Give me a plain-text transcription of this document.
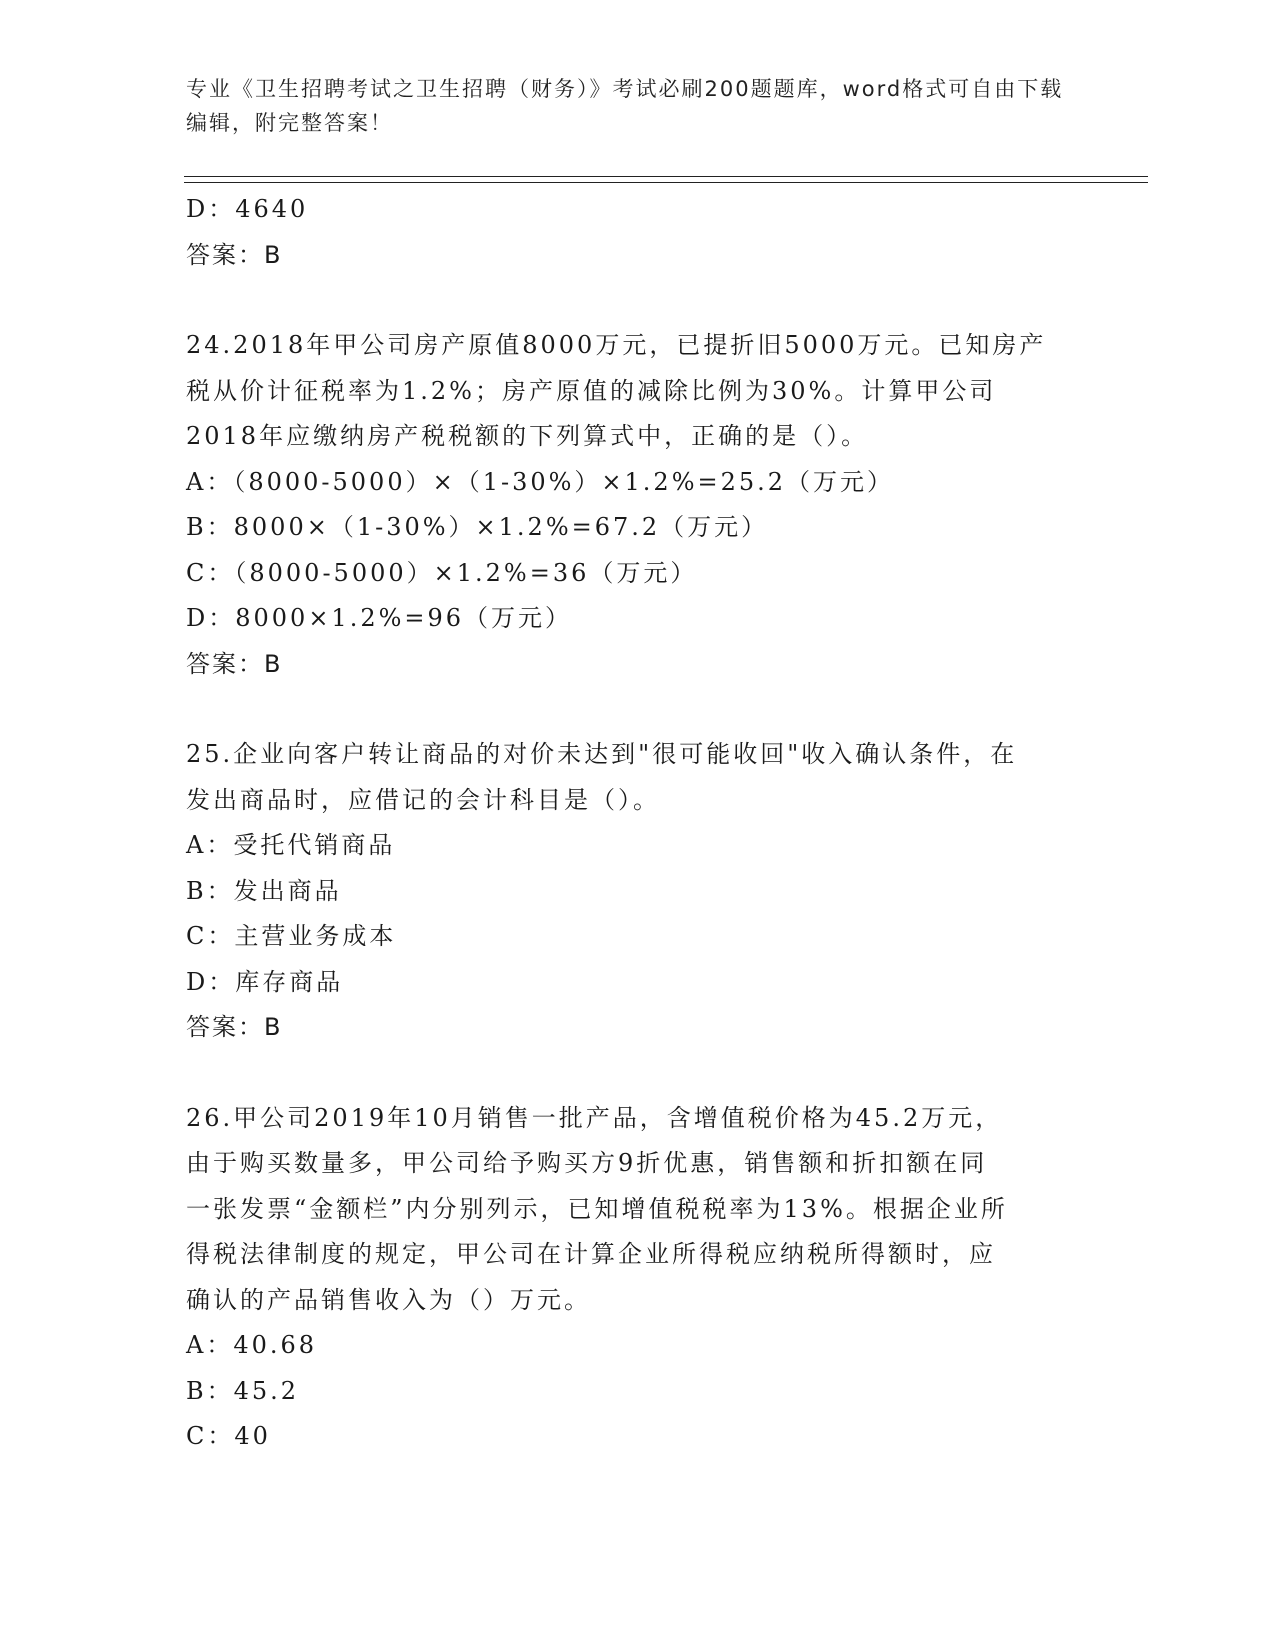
专业《卫生招聘考试之卫生招聘（财务）》考试必刷200题题库，word格式可自由下载编辑，附完整答案！
D：4640
答案：B
24.2018年甲公司房产原值8000万元，已提折旧5000万元。已知房产
税从价计征税率为1.2%；房产原值的减除比例为30%。计算甲公司
2018年应缴纳房产税税额的下列算式中，正确的是（）。
A：（8000-5000）×（1-30%）×1.2%=25.2（万元）
B：8000×（1-30%）×1.2%=67.2（万元）
C：（8000-5000）×1.2%=36（万元）
D：8000×1.2%=96（万元）
答案：B
25.企业向客户转让商品的对价未达到"很可能收回"收入确认条件，在
发出商品时，应借记的会计科目是（）。
A：受托代销商品
B：发出商品
C：主营业务成本
D：库存商品
答案：B
26.甲公司2019年10月销售一批产品，含增值税价格为45.2万元，
由于购买数量多，甲公司给予购买方9折优惠，销售额和折扣额在同
一张发票“金额栏”内分别列示，已知增值税税率为13%。根据企业所
得税法律制度的规定，甲公司在计算企业所得税应纳税所得额时，应
确认的产品销售收入为（）万元。
A：40.68
B：45.2
C：40
